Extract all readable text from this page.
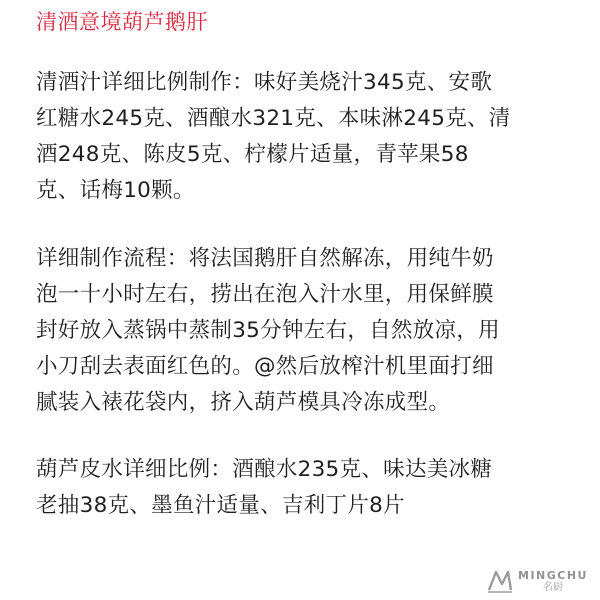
清酒意境葫芦鹅肝

清酒汁详细比例制作：味好美烧汁345克、安歌

红糖水245克、酒酿水321克、本味淋245克、清

酒248克、陈皮5克、柠檬片适量，青苹果58

克、话梅10颗。

详细制作流程：将法国鹅肝自然解冻，用纯牛奶

泡一十小时左右，捞出在泡入汁水里，用保鲜膜

封好放入蒸锅中蒸制35分钟左右，自然放凉，用

小刀刮去表面红色的。@然后放榨汁机里面打细

腻装入裱花袋内，挤入葫芦模具冷冻成型。

葫芦皮水详细比例：酒酿水235克、味达美冰糖

老抽38克、墨鱼汁适量、吉利丁片8片

MINGCHU
名厨
